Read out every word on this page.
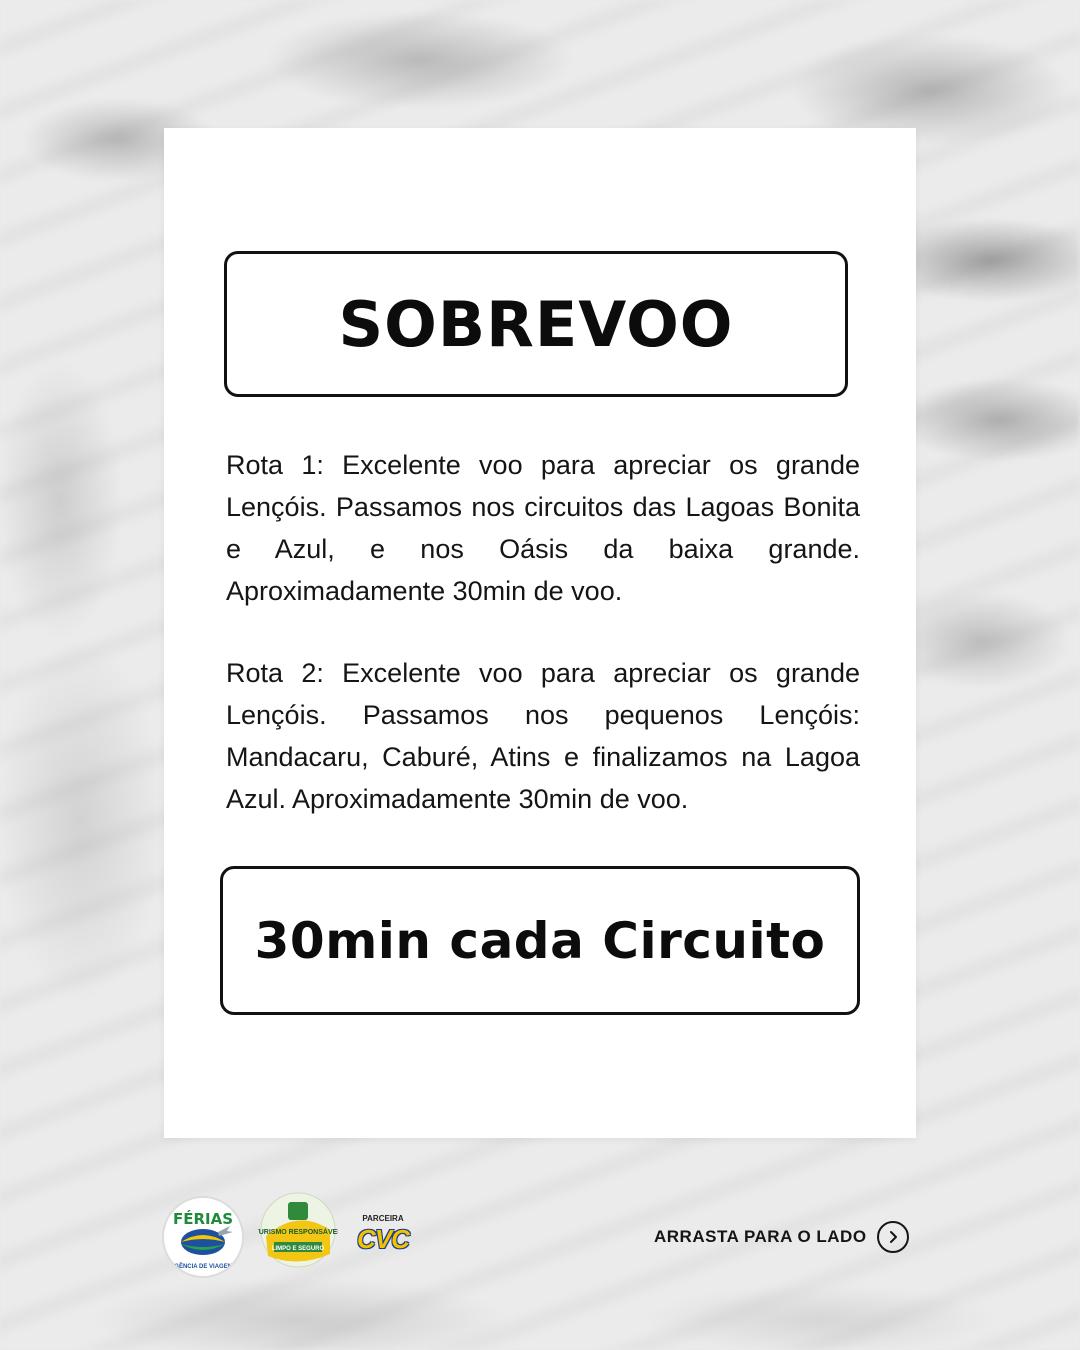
SOBREVOO

Rota 1: Excelente voo para apreciar os grande Lençóis. Passamos nos circuitos das Lagoas Bonita e Azul, e nos Oásis da baixa grande. Aproximadamente 30min de voo.

Rota 2: Excelente voo para apreciar os grande Lençóis. Passamos nos pequenos Lençóis: Mandacaru, Caburé, Atins e finalizamos na Lagoa Azul. Aproximadamente 30min de voo.

30min cada Circuito
FÉRIAS
AGÊNCIA DE VIAGENS
TURISMO RESPONSÁVEL
LIMPO E SEGURO
PARCEIRA
CVC	ARRASTA PARA O LADO
